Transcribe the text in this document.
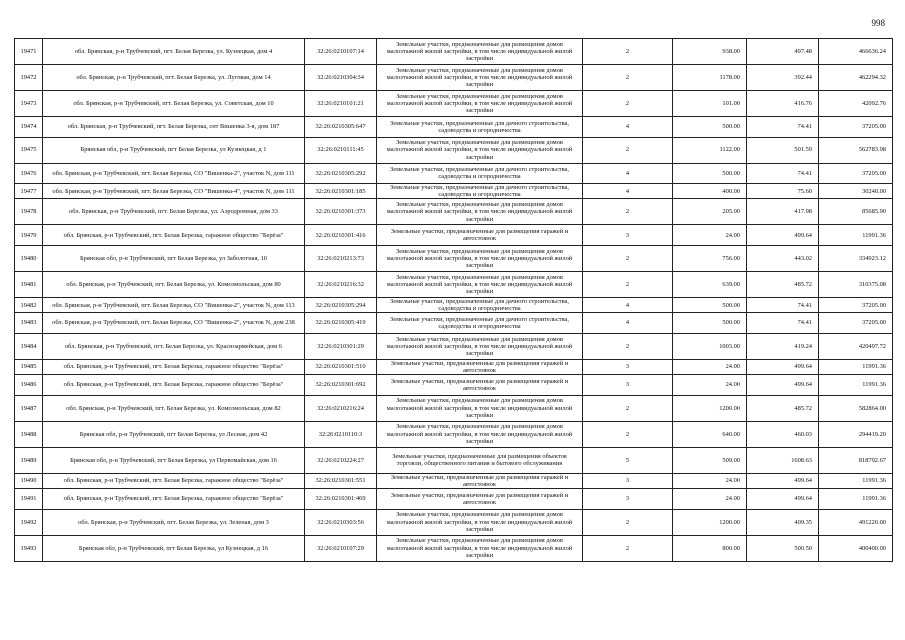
998
19471	обл. Брянская, р-н Трубчевский, пгт. Белая Березка, ул. Кузнецкая, дом 4	32:26:0210107:14	Земельные участки, предназначенные для размещения домов малоэтажной жилой застройки, в том числе индивидуальной жилой застройки	2	938.00	497.48	466636.24
19472	обл. Брянская, р-н Трубчевский, пгт. Белая Березка, ул. Луговая, дом 14	32:26:0210304:34	Земельные участки, предназначенные для размещения домов малоэтажной жилой застройки, в том числе индивидуальной жилой застройки	2	1178.00	392.44	462294.32
19473	обл. Брянская, р-н Трубчевский, пгт. Белая Березка, ул. Советская, дом 10	32:26:0210101:21	Земельные участки, предназначенные для размещения домов малоэтажной жилой застройки, в том числе индивидуальной жилой застройки	2	101.00	416.76	42092.76
19474	обл. Брянская, р-н Трубчевский, пгт. Белая Березка, снт Вишенка 3-я, дом 187	32:26:0210305:647	Земельные участки, предназначенные для дачного строительства, садоводства и огородничества	4	500.00	74.41	37205.00
19475	Брянская обл, р-н Трубчевский, пгт Белая Березка, ул Кузнецкая, д 1	32:26:0210111:45	Земельные участки, предназначенные для размещения домов малоэтажной жилой застройки, в том числе индивидуальной жилой застройки	2	1122.00	501.59	562783.98
19476	обл. Брянская, р-н Трубчевский, пгт. Белая Березка, СО "Вишенка-2", участок N, дом 111	32:26:0210305:292	Земельные участки, предназначенные для дачного строительства, садоводства и огородничества	4	500.00	74.41	37205.00
19477	обл. Брянская, р-н Трубчевский, пгт. Белая Березка, СО "Вишенка-4", участок N, дом 111	32:26:0210301:185	Земельные участки, предназначенные для дачного строительства, садоводства и огородничества	4	400.00	75.60	30240.00
19478	обл. Брянская, р-н Трубчевский, пгт. Белая Березка, ул. Аэродромная, дом 33	32:26:0210301:373	Земельные участки, предназначенные для размещения домов малоэтажной жилой застройки, в том числе индивидуальной жилой застройки	2	205.00	417.98	85685.90
19479	обл. Брянская, р-н Трубчевский, пгт. Белая Березка, гаражное общество "Берёза"	32:26:0210301:416	Земельные участки, предназначенные для размещения гаражей и автостоянок	3	24.00	499.64	11991.36
19480	Брянская обл, р-н Трубчевский, пгт Белая Березка, ул Заболотная, 10	32:26:0210213:73	Земельные участки, предназначенные для размещения домов малоэтажной жилой застройки, в том числе индивидуальной жилой застройки	2	756.00	443.02	334923.12
19481	обл. Брянская, р-н Трубчевский, пгт. Белая Березка, ул. Комсомольская, дом 80	32:26:0210216:32	Земельные участки, предназначенные для размещения домов малоэтажной жилой застройки, в том числе индивидуальной жилой застройки	2	639.00	485.72	310375.08
19482	обл. Брянская, р-н Трубчевский, пгт. Белая Березка, СО "Вишенка-2", участок N, дом 113	32:26:0210305:294	Земельные участки, предназначенные для дачного строительства, садоводства и огородничества	4	500.00	74.41	37205.00
19483	обл. Брянская, р-н Трубчевский, пгт. Белая Березка, СО "Вишенка-2", участок N, дом 238	32:26:0210305:419	Земельные участки, предназначенные для дачного строительства, садоводства и огородничества	4	500.00	74.41	37205.00
19484	обл. Брянская, р-н Трубчевский, пгт. Белая Березка, ул. Красноармейская, дом 6	32:26:0210301:29	Земельные участки, предназначенные для размещения домов малоэтажной жилой застройки, в том числе индивидуальной жилой застройки	2	1003.00	419.24	420497.72
19485	обл. Брянская, р-н Трубчевский, пгт. Белая Березка, гаражное общество "Берёза"	32:26:0210301:510	Земельные участки, предназначенные для размещения гаражей и автостоянок	3	24.00	499.64	11991.36
19486	обл. Брянская, р-н Трубчевский, пгт. Белая Березка, гаражное общество "Берёза"	32:26:0210301:692	Земельные участки, предназначенные для размещения гаражей и автостоянок	3	24.00	499.64	11991.36
19487	обл. Брянская, р-н Трубчевский, пгт. Белая Березка, ул. Комсомольская, дом 82	32:26:0210216:24	Земельные участки, предназначенные для размещения домов малоэтажной жилой застройки, в том числе индивидуальной жилой застройки	2	1200.00	485.72	582864.00
19488	Брянская обл, р-н Трубчевский, пгт Белая Березка, ул Лесная, дом 42	32:26:0210110:3	Земельные участки, предназначенные для размещения домов малоэтажной жилой застройки, в том числе индивидуальной жилой застройки	2	640.00	460.03	294419.20
19489	Брянская обл, р-н Трубчевский, пгт Белая Березка, ул Первомайская, дом 16	32:26:0210224:27	Земельные участки, предназначенные для размещения объектов торговли, общественного питания и бытового обслуживания	5	509.00	1608.63	818792.67
19490	обл. Брянская, р-н Трубчевский, пгт. Белая Березка, гаражное общество "Берёза"	32:26:0210301:551	Земельные участки, предназначенные для размещения гаражей и автостоянок	3	24.00	499.64	11991.36
19491	обл. Брянская, р-н Трубчевский, пгт. Белая Березка, гаражное общество "Берёза"	32:26:0210301:469	Земельные участки, предназначенные для размещения гаражей и автостоянок	3	24.00	499.64	11991.36
19492	обл. Брянская, р-н Трубчевский, пгт. Белая Березка, ул. Зеленая, дом 3	32:26:0210303:56	Земельные участки, предназначенные для размещения домов малоэтажной жилой застройки, в том числе индивидуальной жилой застройки	2	1200.00	409.35	491220.00
19493	Брянская обл, р-н Трубчевский, пгт Белая Березка, ул Кузнецкая, д 16	32:26:0210107:29	Земельные участки, предназначенные для размещения домов малоэтажной жилой застройки, в том числе индивидуальной жилой застройки	2	800.00	500.50	400400.00
